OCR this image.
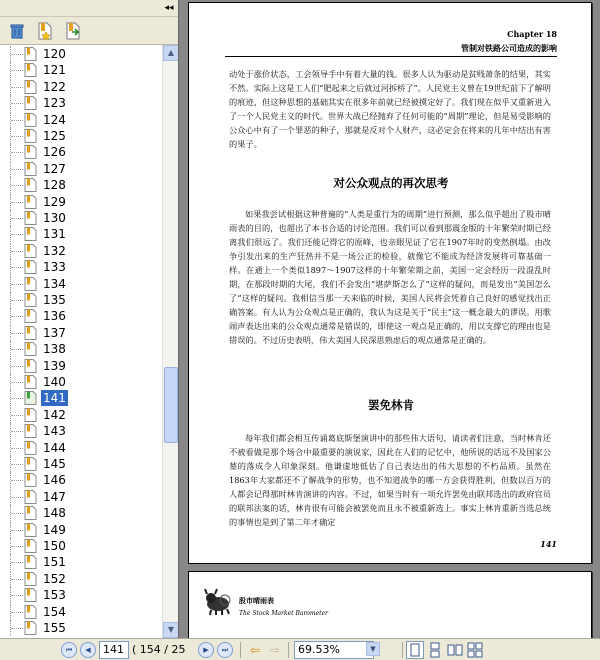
◂◂
120
121
122
123
124
125
126
127
128
129
130
131
132
133
134
135
136
137
138
139
140
141
142
143
144
145
146
147
148
149
150
151
152
153
154
155
▲
▼
Chapter 18
管制对铁路公司造成的影响
动处于涨价状态，工会领导手中有着大量的钱。很多人认为驱动是贫贱萧条的结果，其实不然。实际上这是工人们“肥起来之后就过河拆桥了”。人民党主义曾在19世纪前下了解明的痕迹，但这种思想的基础其实在很多年前就已经被摸定好了。我们现在似乎又重新进入了一个人民党主义的时代。世界大战已经抛弃了任何可能的“周期”理论，但是易受影响的公众心中有了一个罪恶的种子，那就是反对个人财产，这必定会在将来的几年中结出有害的果子。
对公众观点的再次思考
如果我尝试根据这种普遍的“人类是重行为的周期”进行预测，那么似乎超出了股市晴雨表的目的，也超出了本书合适的讨论范围。我们可以看到那震金版的十年繁荣时期已经离我们很远了。我们还能记得它的原峰，也亲眼见证了它在1907年时的变然倒塌。由改争引发出来的生产狂热并不是一场公正的检验，就像它不能成为经济发展将可靠基础一样。在通上一个类似1897～1907这样的十年繁荣期之前，美国一定会经历一段混乱时期，在那段时期的大尾，我们不会发出“堪萨斯怎么了”这样的疑问，而是发出“美国怎么了”这样的疑问。我相信当那一天来临的时候，美国人民将会凭着自己良好的感觉找出正确答案。有人认为公众观点是正确的，我认为这是关于“民主”这一概念最大的谬误。用歌闹声表达出来的公众观点通常是错误的，即使这一观点是正确的，用以支撑它的理由也是错误的。不过历史表明，伟大美国人民深思熟虑后的观点通常是正确的。
罢免林肯
每年我们都会相互传诵葛底斯堡演讲中的那些伟大语句，请读者们注意，当时林肯还不被看做是那个场合中最重要的演说家，因此在人们的记忆中，他所说的话远不及国家公墓的落成令人印象深刻。他谦虚地低估了自己表达出的伟大思想的不朽品质。虽然在1863年大家都还不了解战争的形势，也不知道战争的哪一方会获得胜利，但数以百万的人都会记得那时林肯演讲的内容。不过，如果当时有一项允许罢免由联邦选出的政府官员的联邦法案的话，林肯很有可能会被罢免而且永不被重新选上。事实上林肯重新当选总统的事情也是到了第二年才确定
141
股市晴雨表
The Stock Market Barometer
⏮	◀	141 ( 154 / 25	▶	⏭	⇦ ⇨	69.53%	▼
